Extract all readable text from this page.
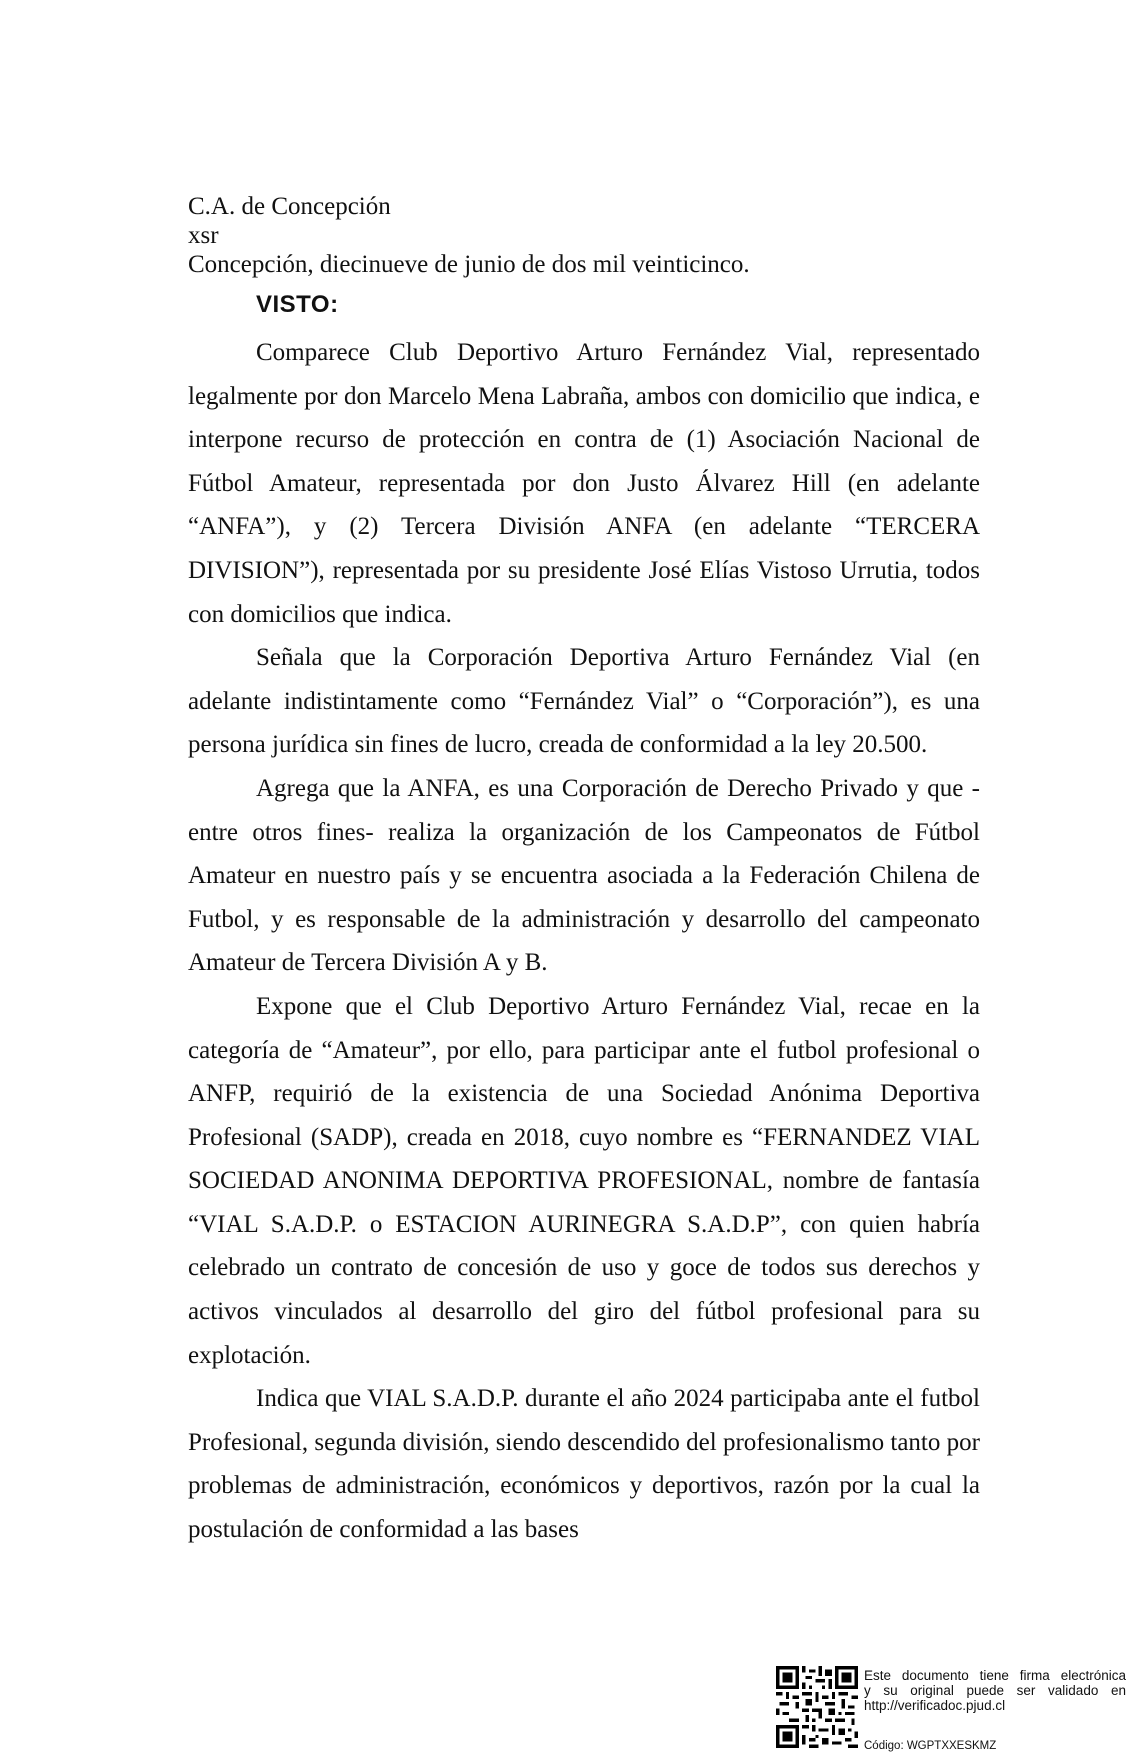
C.A. de Concepción
xsr
Concepción, diecinueve de junio de dos mil veinticinco.
VISTO:

Comparece Club Deportivo Arturo Fernández Vial, representado legalmente por don Marcelo Mena Labraña, ambos con domicilio que indica, e interpone recurso de protección en contra de (1) Asociación Nacional de Fútbol Amateur, representada por don Justo Álvarez Hill (en adelante “ANFA”), y (2) Tercera División ANFA (en adelante “TERCERA DIVISION”), representada por su presidente José Elías Vistoso Urrutia, todos con domicilios que indica.

Señala que la Corporación Deportiva Arturo Fernández Vial (en adelante indistintamente como “Fernández Vial” o “Corporación”), es una persona jurídica sin fines de lucro, creada de conformidad a la ley 20.500.

Agrega que la ANFA, es una Corporación de Derecho Privado y que -entre otros fines- realiza la organización de los Campeonatos de Fútbol Amateur en nuestro país y se encuentra asociada a la Federación Chilena de Futbol, y es responsable de la administración y desarrollo del campeonato Amateur de Tercera División A y B.

Expone que el Club Deportivo Arturo Fernández Vial, recae en la categoría de “Amateur”, por ello, para participar ante el futbol profesional o ANFP, requirió de la existencia de una Sociedad Anónima Deportiva Profesional (SADP), creada en 2018, cuyo nombre es “FERNANDEZ VIAL SOCIEDAD ANONIMA DEPORTIVA PROFESIONAL, nombre de fantasía “VIAL S.A.D.P. o ESTACION AURINEGRA S.A.D.P”, con quien habría celebrado un contrato de concesión de uso y goce de todos sus derechos y activos vinculados al desarrollo del giro del fútbol profesional para su explotación.

Indica que VIAL S.A.D.P. durante el año 2024 participaba ante el futbol Profesional, segunda división, siendo descendido del profesionalismo tanto por problemas de administración, económicos y deportivos, razón por la cual la postulación de conformidad a las bases

Este documento tiene firma electrónica
y su original puede ser validado en
http://verificadoc.pjud.cl
Código: WGPTXXESKMZ
